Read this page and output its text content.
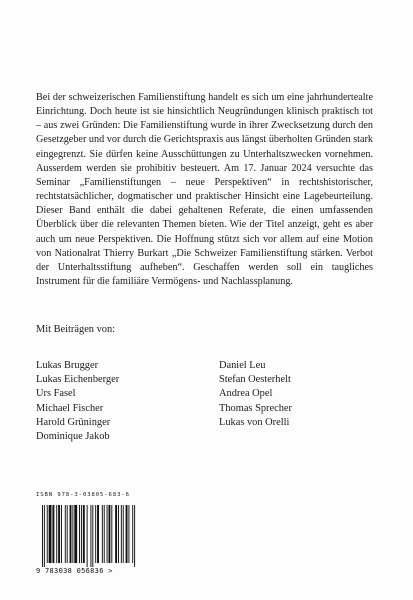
Bei der schweizerischen Familienstiftung handelt es sich um eine jahrhundertealte Einrichtung. Doch heute ist sie hinsichtlich Neugründungen klinisch praktisch tot – aus zwei Gründen: Die Familienstiftung wurde in ihrer Zwecksetzung durch den Gesetzgeber und vor durch die Gerichtspraxis aus längst überholten Gründen stark eingegrenzt. Sie dürfen keine Ausschüttungen zu Unterhaltszwecken vornehmen. Ausserdem werden sie prohibitiv besteuert. Am 17. Januar 2024 versuchte das Seminar „Familienstiftungen – neue Perspektiven“ in rechtshistorischer, rechtstatsächlicher, dogmatischer und praktischer Hinsicht eine Lagebeurteilung. Dieser Band enthält die dabei gehaltenen Referate, die einen umfassenden Überblick über die relevanten Themen bieten. Wie der Titel anzeigt, geht es aber auch um neue Perspektiven. Die Hoffnung stützt sich vor allem auf eine Motion von Nationalrat Thierry Burkart „Die Schweizer Familienstiftung stärken. Verbot der Unterhaltsstiftung aufheben“. Geschaffen werden soll ein taugliches Instrument für die familiäre Vermögens- und Nachlassplanung.

Mit Beiträgen von:

Lukas Brugger
Lukas Eichenberger
Urs Fasel
Michael Fischer
Harold Grüninger
Dominique Jakob
Daniel Leu
Stefan Oesterhelt
Andrea Opel
Thomas Sprecher
Lukas von Orelli
ISBN 978-3-03805-683-6
9 783038 056836 >
